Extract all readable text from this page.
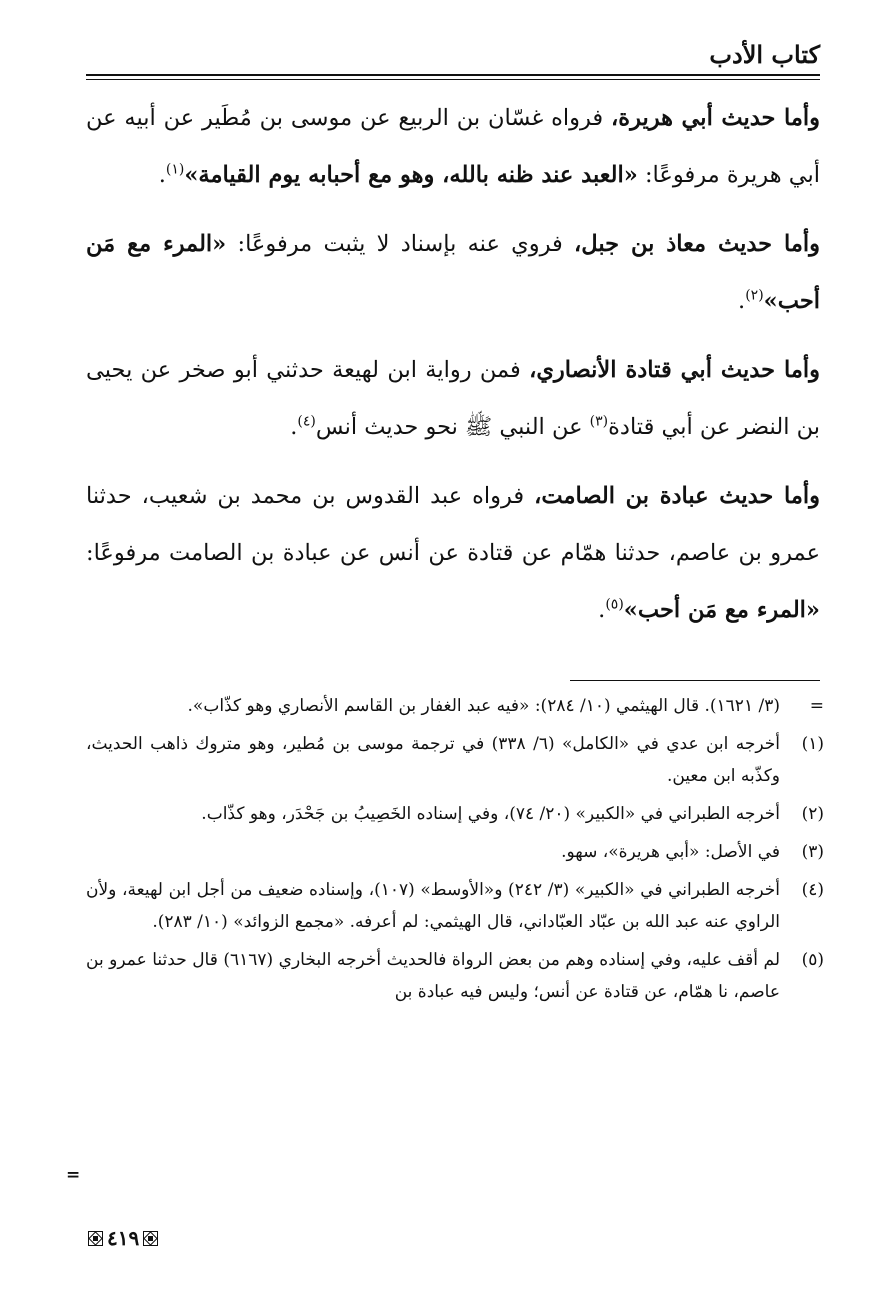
كتاب الأدب

وأما حديث أبي هريرة، فرواه غسّان بن الربيع عن موسى بن مُطَير عن أبيه عن أبي هريرة مرفوعًا: «العبد عند ظنه بالله، وهو مع أحبابه يوم القيامة»$^{(١)}$.

وأما حديث معاذ بن جبل، فروي عنه بإسناد لا يثبت مرفوعًا: «المرء مع مَن أحب»$^{(٢)}$.

وأما حديث أبي قتادة الأنصاري، فمن رواية ابن لهيعة حدثني أبو صخر عن يحيى بن النضر عن أبي قتادة$^{(٣)}$ عن النبي ﷺ نحو حديث أنس$^{(٤)}$.

وأما حديث عبادة بن الصامت، فرواه عبد القدوس بن محمد بن شعيب، حدثنا عمرو بن عاصم، حدثنا همّام عن قتادة عن أنس عن عبادة بن الصامت مرفوعًا: «المرء مع مَن أحب»$^{(٥)}$.

=
(٣/ ١٦٢١). قال الهيثمي (١٠/ ٢٨٤): «فيه عبد الغفار بن القاسم الأنصاري وهو كذّاب».
(١)
أخرجه ابن عدي في «الكامل» (٦/ ٣٣٨) في ترجمة موسى بن مُطير، وهو متروك ذاهب الحديث، وكذّبه ابن معين.
(٢)
أخرجه الطبراني في «الكبير» (٢٠/ ٧٤)، وفي إسناده الخَصِيبُ بن جَحْدَر، وهو كذّاب.
(٣)
في الأصل: «أبي هريرة»، سهو.
(٤)
أخرجه الطبراني في «الكبير» (٣/ ٢٤٢) و«الأوسط» (١٠٧)، وإسناده ضعيف من أجل ابن لهيعة، ولأن الراوي عنه عبد الله بن عبّاد العبّاداني، قال الهيثمي: لم أعرفه. «مجمع الزوائد» (١٠/ ٢٨٣).
(٥)
لم أقف عليه، وفي إسناده وهم من بعض الرواة فالحديث أخرجه البخاري (٦١٦٧) قال حدثنا عمرو بن عاصم، نا همّام، عن قتادة عن أنس؛ وليس فيه عبادة بن
=
٤١٩
